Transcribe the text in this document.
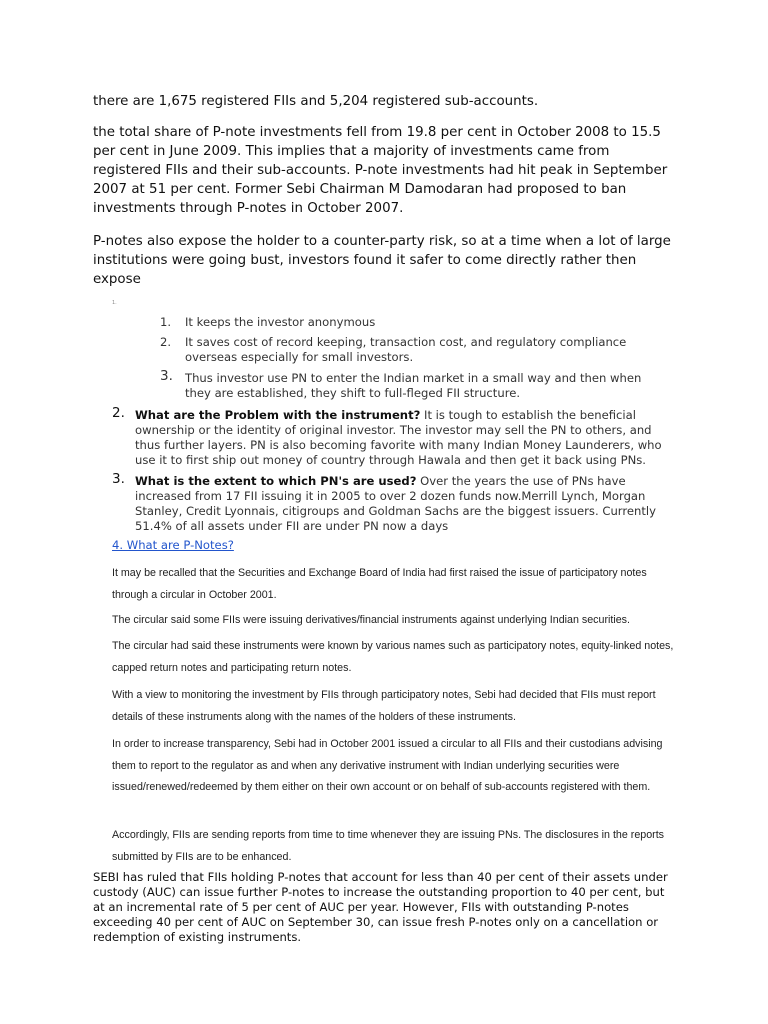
there are 1,675 registered FIIs and 5,204 registered sub-accounts.

the total share of P-note investments fell from 19.8 per cent in October 2008 to 15.5 per cent in June 2009. This implies that a majority of investments came from registered FIIs and their sub-accounts. P-note investments had hit peak in September 2007 at 51 per cent. Former Sebi Chairman M Damodaran had proposed to ban investments through P-notes in October 2007.

P-notes also expose the holder to a counter-party risk, so at a time when a lot of large institutions were going bust, investors found it safer to come directly rather then expose

1.
1.	It keeps the investor anonymous
2.	It saves cost of record keeping, transaction cost, and regulatory compliance overseas especially for small investors.
3.	Thus investor use PN to enter the Indian market in a small way and then when they are established, they shift to full-fleged FII structure.
2. What are the Problem with the instrument? It is tough to establish the beneficial ownership or the identity of original investor. The investor may sell the PN to others, and thus further layers. PN is also becoming favorite with many Indian Money Launderers, who use it to first ship out money of country through Hawala and then get it back using PNs.
3. What is the extent to which PN's are used? Over the years the use of PNs have increased from 17 FII issuing it in 2005 to over 2 dozen funds now.Merrill Lynch, Morgan Stanley, Credit Lyonnais, citigroups and Goldman Sachs are the biggest issuers. Currently 51.4% of all assets under FII are under PN now a days
4. What are P-Notes?

It may be recalled that the Securities and Exchange Board of India had first raised the issue of participatory notes through a circular in October 2001.

The circular said some FIIs were issuing derivatives/financial instruments against underlying Indian securities.

The circular had said these instruments were known by various names such as participatory notes, equity-linked notes, capped return notes and participating return notes.

With a view to monitoring the investment by FIIs through participatory notes, Sebi had decided that FIIs must report details of these instruments along with the names of the holders of these instruments.

In order to increase transparency, Sebi had in October 2001 issued a circular to all FIIs and their custodians advising them to report to the regulator as and when any derivative instrument with Indian underlying securities were issued/renewed/redeemed by them either on their own account or on behalf of sub-accounts registered with them.

Accordingly, FIIs are sending reports from time to time whenever they are issuing PNs. The disclosures in the reports submitted by FIIs are to be enhanced.

SEBI has ruled that FIIs holding P-notes that account for less than 40 per cent of their assets under custody (AUC) can issue further P-notes to increase the outstanding proportion to 40 per cent, but at an incremental rate of 5 per cent of AUC per year. However, FIIs with outstanding P-notes exceeding 40 per cent of AUC on September 30, can issue fresh P-notes only on a cancellation or redemption of existing instruments.
